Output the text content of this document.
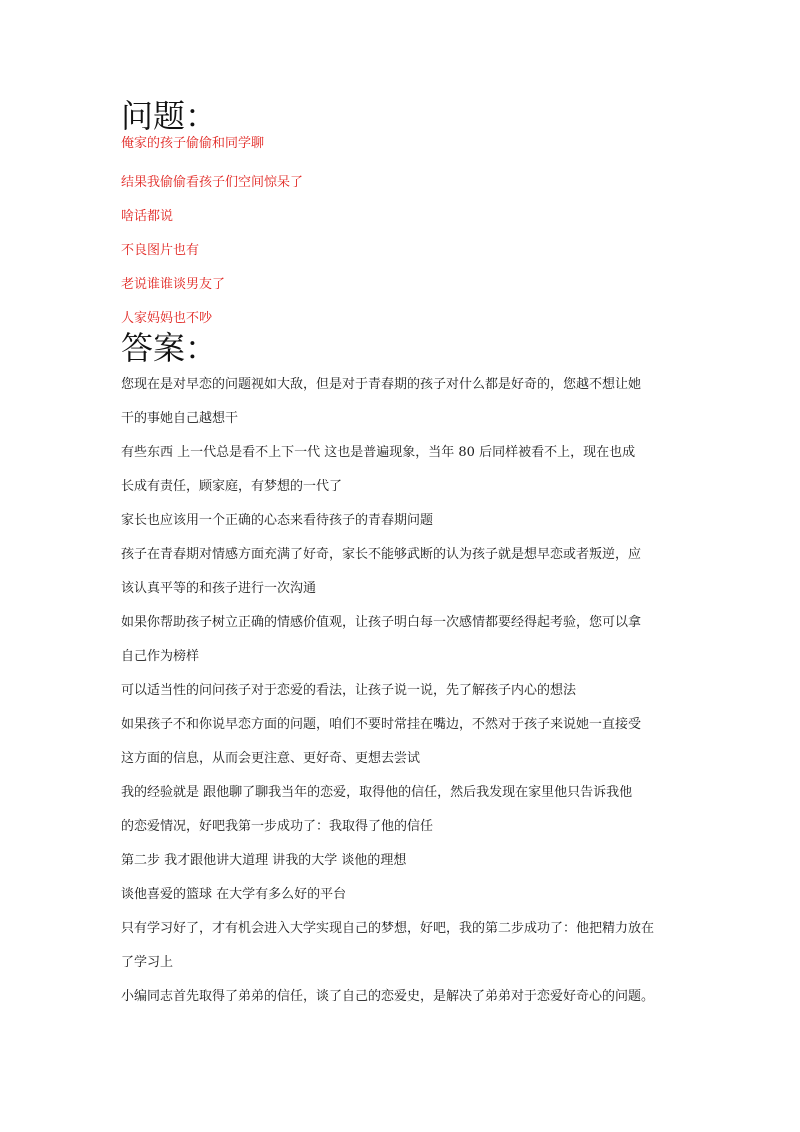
问题：
俺家的孩子偷偷和同学聊
结果我偷偷看孩子们空间惊呆了
啥话都说
不良图片也有
老说谁谁谈男友了
人家妈妈也不吵
答案：
您现在是对早恋的问题视如大敌，但是对于青春期的孩子对什么都是好奇的，您越不想让她
干的事她自己越想干
有些东西 上一代总是看不上下一代 这也是普遍现象，当年 80 后同样被看不上，现在也成
长成有责任，顾家庭，有梦想的一代了
家长也应该用一个正确的心态来看待孩子的青春期问题
孩子在青春期对情感方面充满了好奇，家长不能够武断的认为孩子就是想早恋或者叛逆，应
该认真平等的和孩子进行一次沟通
如果你帮助孩子树立正确的情感价值观，让孩子明白每一次感情都要经得起考验，您可以拿
自己作为榜样
可以适当性的问问孩子对于恋爱的看法，让孩子说一说，先了解孩子内心的想法
如果孩子不和你说早恋方面的问题，咱们不要时常挂在嘴边，不然对于孩子来说她一直接受
这方面的信息，从而会更注意、更好奇、更想去尝试
我的经验就是 跟他聊了聊我当年的恋爱，取得他的信任，然后我发现在家里他只告诉我他
的恋爱情况，好吧我第一步成功了：我取得了他的信任
第二步 我才跟他讲大道理 讲我的大学 谈他的理想
谈他喜爱的篮球 在大学有多么好的平台
只有学习好了，才有机会进入大学实现自己的梦想，好吧，我的第二步成功了：他把精力放在
了学习上
小编同志首先取得了弟弟的信任，谈了自己的恋爱史，是解决了弟弟对于恋爱好奇心的问题。
